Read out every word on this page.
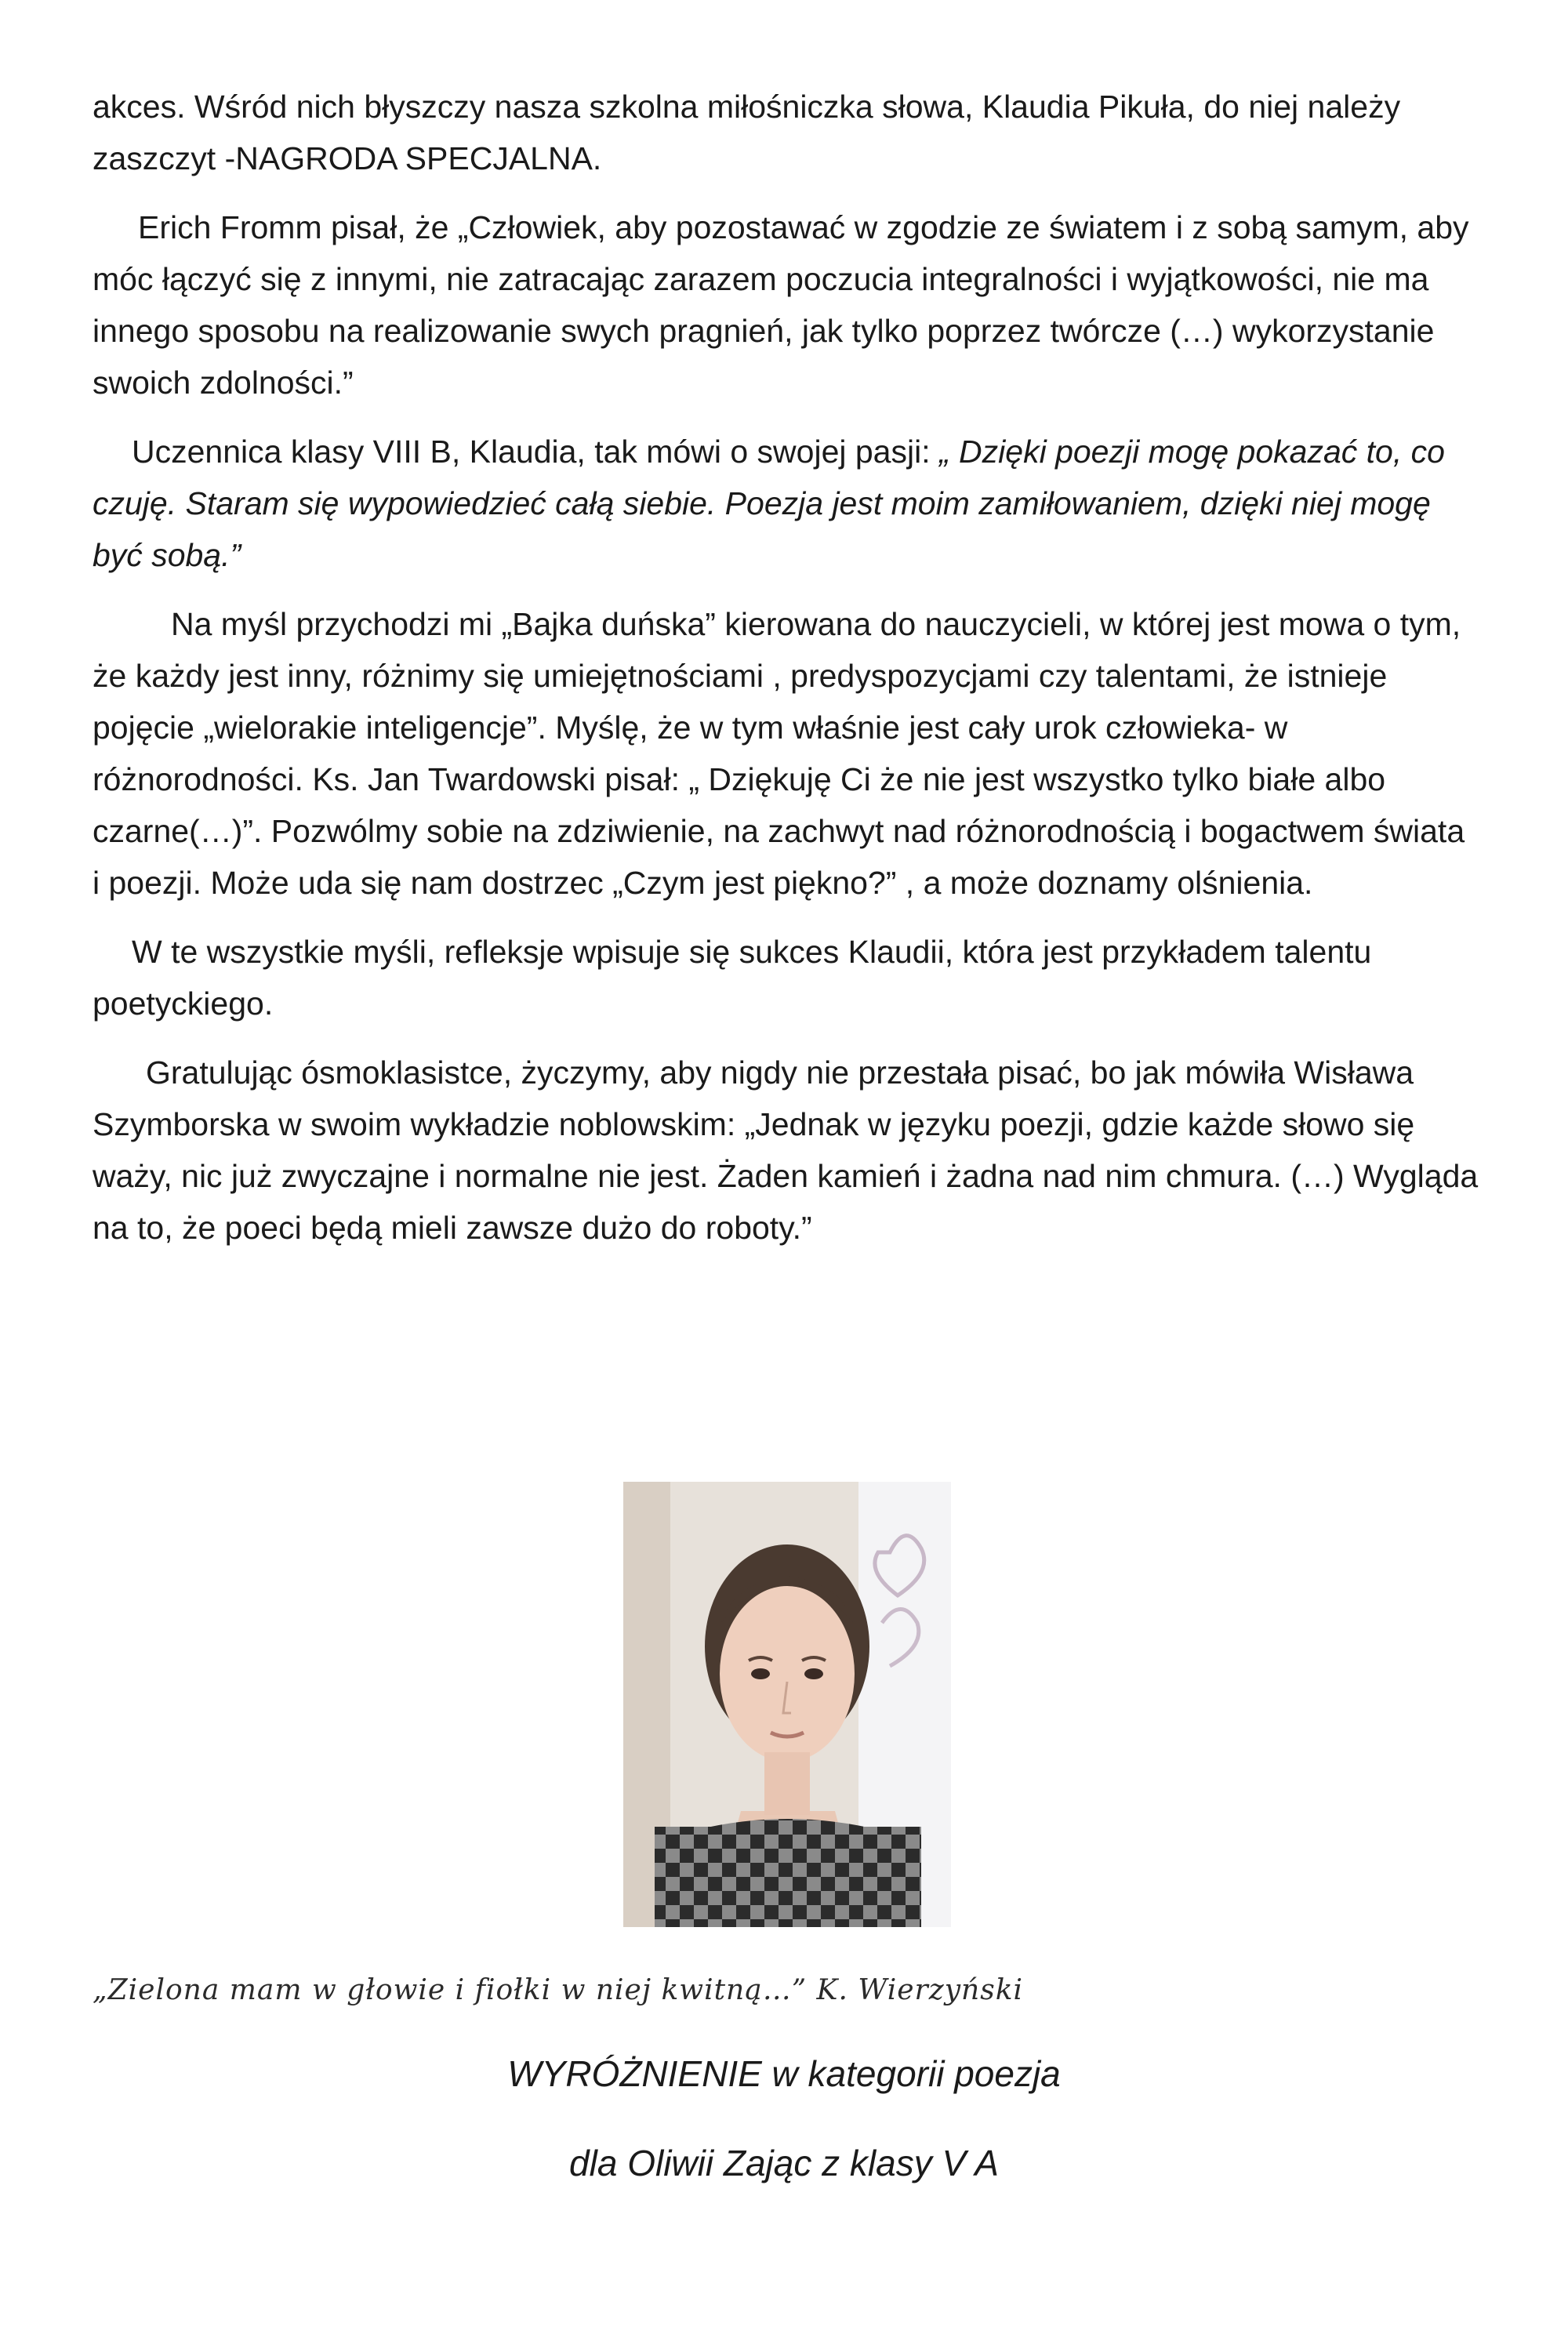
akces. Wśród nich błyszczy nasza szkolna miłośniczka słowa, Klaudia Pikuła, do niej należy zaszczyt -NAGRODA SPECJALNA.

Erich Fromm pisał, że „Człowiek, aby pozostawać w zgodzie ze światem i z sobą samym, aby móc łączyć się z innymi, nie zatracając zarazem poczucia integralności i wyjątkowości, nie ma innego sposobu na realizowanie swych pragnień, jak tylko poprzez twórcze (…) wykorzystanie swoich zdolności.”

Uczennica klasy VIII B, Klaudia, tak mówi o swojej pasji: „ Dzięki poezji mogę pokazać to, co czuję. Staram się wypowiedzieć całą siebie. Poezja jest moim zamiłowaniem, dzięki niej mogę być sobą.”

Na myśl przychodzi mi „Bajka duńska” kierowana do nauczycieli, w której jest mowa o tym, że każdy jest inny, różnimy się umiejętnościami , predyspozycjami czy talentami, że istnieje pojęcie „wielorakie inteligencje”. Myślę, że w tym właśnie jest cały urok człowieka- w różnorodności. Ks. Jan Twardowski pisał: „ Dziękuję Ci że nie jest wszystko tylko białe albo czarne(…)”. Pozwólmy sobie na zdziwienie, na zachwyt nad różnorodnością i bogactwem świata i poezji. Może uda się nam dostrzec „Czym jest piękno?” , a może doznamy olśnienia.

W te wszystkie myśli, refleksje wpisuje się sukces Klaudii, która jest przykładem talentu poetyckiego.

Gratulując ósmoklasistce, życzymy, aby nigdy nie przestała pisać, bo jak mówiła Wisława Szymborska w swoim wykładzie noblowskim: „Jednak w języku poezji, gdzie każde słowo się waży, nic już zwyczajne i normalne nie jest. Żaden kamień i żadna nad nim chmura. (…) Wygląda na to, że poeci będą mieli zawsze dużo do roboty.”

„Zielona mam w głowie i fiołki w niej kwitną…” K. Wierzyński
WYRÓŻNIENIE w kategorii poezja
dla Oliwii Zając z klasy V A
